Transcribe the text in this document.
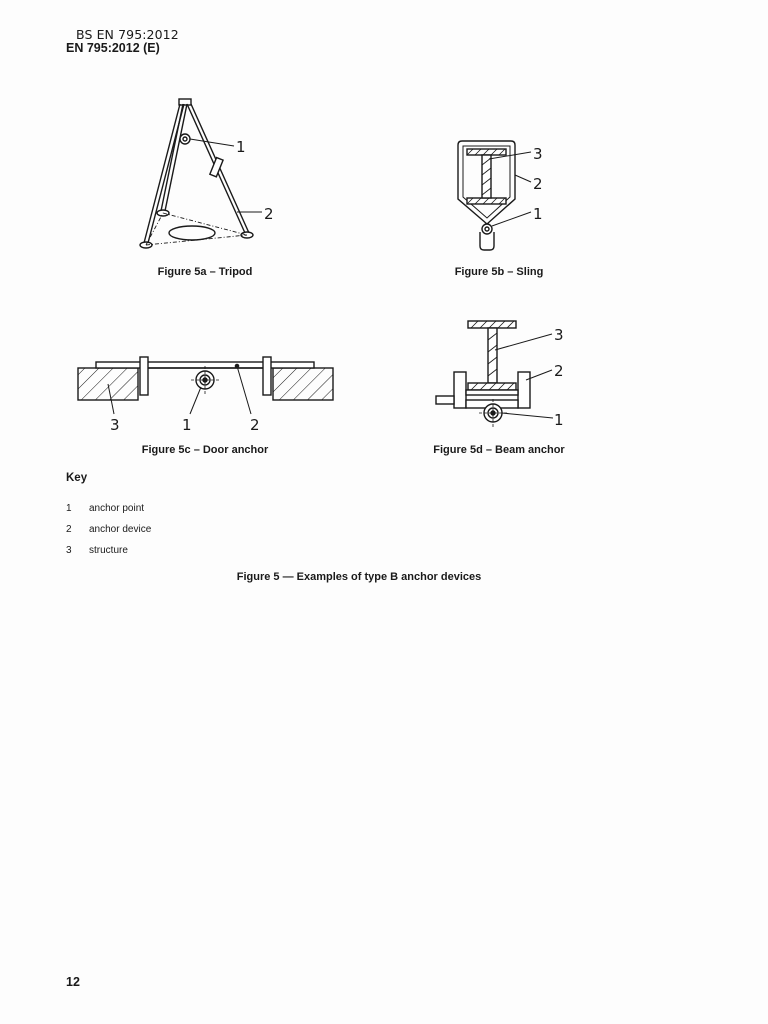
BS EN 795:2012
EN 795:2012 (E)
1
2
Figure 5a – Tripod
3
2
1
Figure 5b – Sling
3	1	2
Figure 5c – Door anchor
3
2
1
Figure 5d – Beam anchor
Key
1 anchor point
2 anchor device
3 structure
Figure 5 — Examples of type B anchor devices
12
